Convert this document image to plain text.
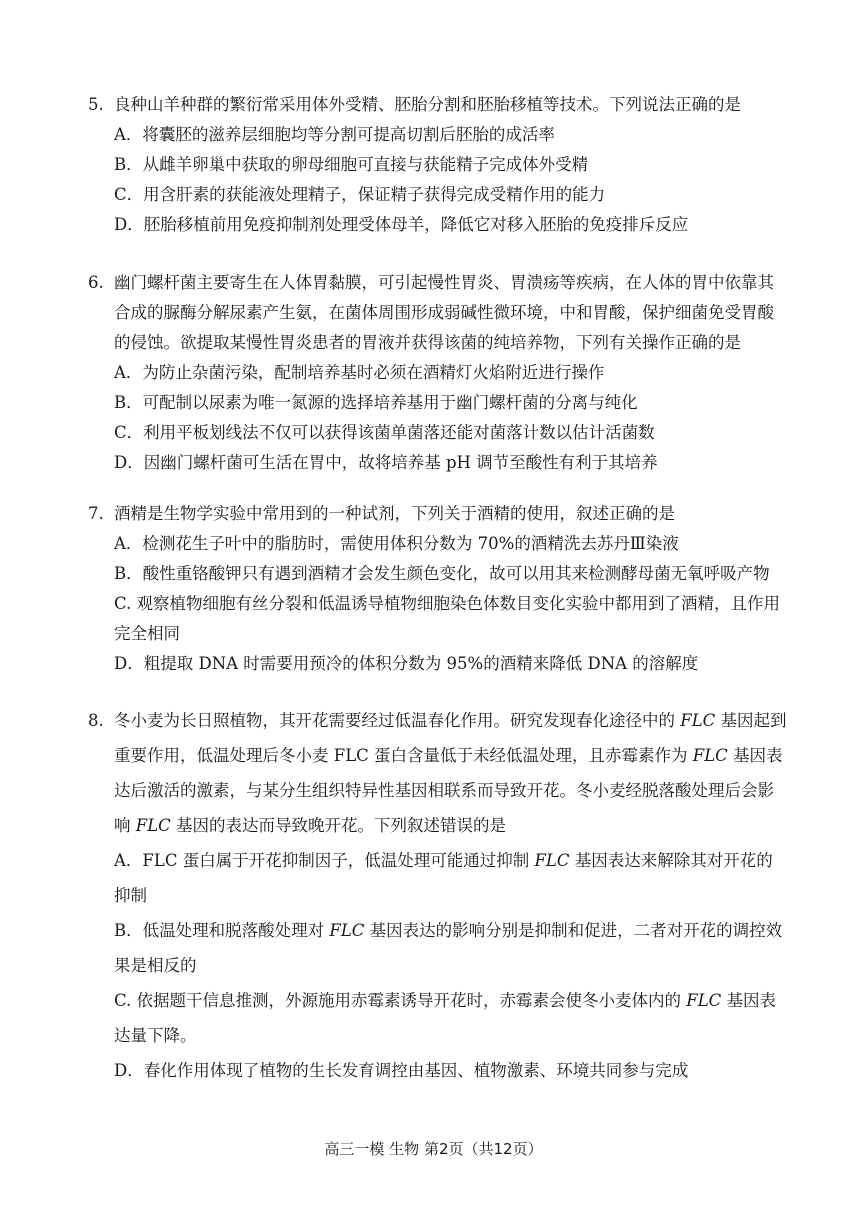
5. 良种山羊种群的繁衍常采用体外受精、胚胎分割和胚胎移植等技术。下列说法正确的是

A．将囊胚的滋养层细胞均等分割可提高切割后胚胎的成活率

B．从雌羊卵巢中获取的卵母细胞可直接与获能精子完成体外受精

C．用含肝素的获能液处理精子，保证精子获得完成受精作用的能力

D．胚胎移植前用免疫抑制剂处理受体母羊，降低它对移入胚胎的免疫排斥反应

6. 幽门螺杆菌主要寄生在人体胃黏膜，可引起慢性胃炎、胃溃疡等疾病，在人体的胃中依靠其合成的脲酶分解尿素产生氨，在菌体周围形成弱碱性微环境，中和胃酸，保护细菌免受胃酸的侵蚀。欲提取某慢性胃炎患者的胃液并获得该菌的纯培养物，下列有关操作正确的是

A．为防止杂菌污染，配制培养基时必须在酒精灯火焰附近进行操作

B．可配制以尿素为唯一氮源的选择培养基用于幽门螺杆菌的分离与纯化

C．利用平板划线法不仅可以获得该菌单菌落还能对菌落计数以估计活菌数

D．因幽门螺杆菌可生活在胃中，故将培养基 pH 调节至酸性有利于其培养

7. 酒精是生物学实验中常用到的一种试剂，下列关于酒精的使用，叙述正确的是

A．检测花生子叶中的脂肪时，需使用体积分数为 70%的酒精洗去苏丹Ⅲ染液

B．酸性重铬酸钾只有遇到酒精才会发生颜色变化，故可以用其来检测酵母菌无氧呼吸产物

C. 观察植物细胞有丝分裂和低温诱导植物细胞染色体数目变化实验中都用到了酒精，且作用完全相同

D．粗提取 DNA 时需要用预冷的体积分数为 95%的酒精来降低 DNA 的溶解度

8. 冬小麦为长日照植物，其开花需要经过低温春化作用。研究发现春化途径中的 FLC 基因起到重要作用，低温处理后冬小麦 FLC 蛋白含量低于未经低温处理，且赤霉素作为 FLC 基因表达后激活的激素，与某分生组织特异性基因相联系而导致开花。冬小麦经脱落酸处理后会影响 FLC 基因的表达而导致晚开花。下列叙述错误的是

A．FLC 蛋白属于开花抑制因子，低温处理可能通过抑制 FLC 基因表达来解除其对开花的抑制

B．低温处理和脱落酸处理对 FLC 基因表达的影响分别是抑制和促进，二者对开花的调控效果是相反的

C. 依据题干信息推测，外源施用赤霉素诱导开花时，赤霉素会使冬小麦体内的 FLC 基因表达量下降。

D．春化作用体现了植物的生长发育调控由基因、植物激素、环境共同参与完成

高三一模 生物 第2页（共12页）
